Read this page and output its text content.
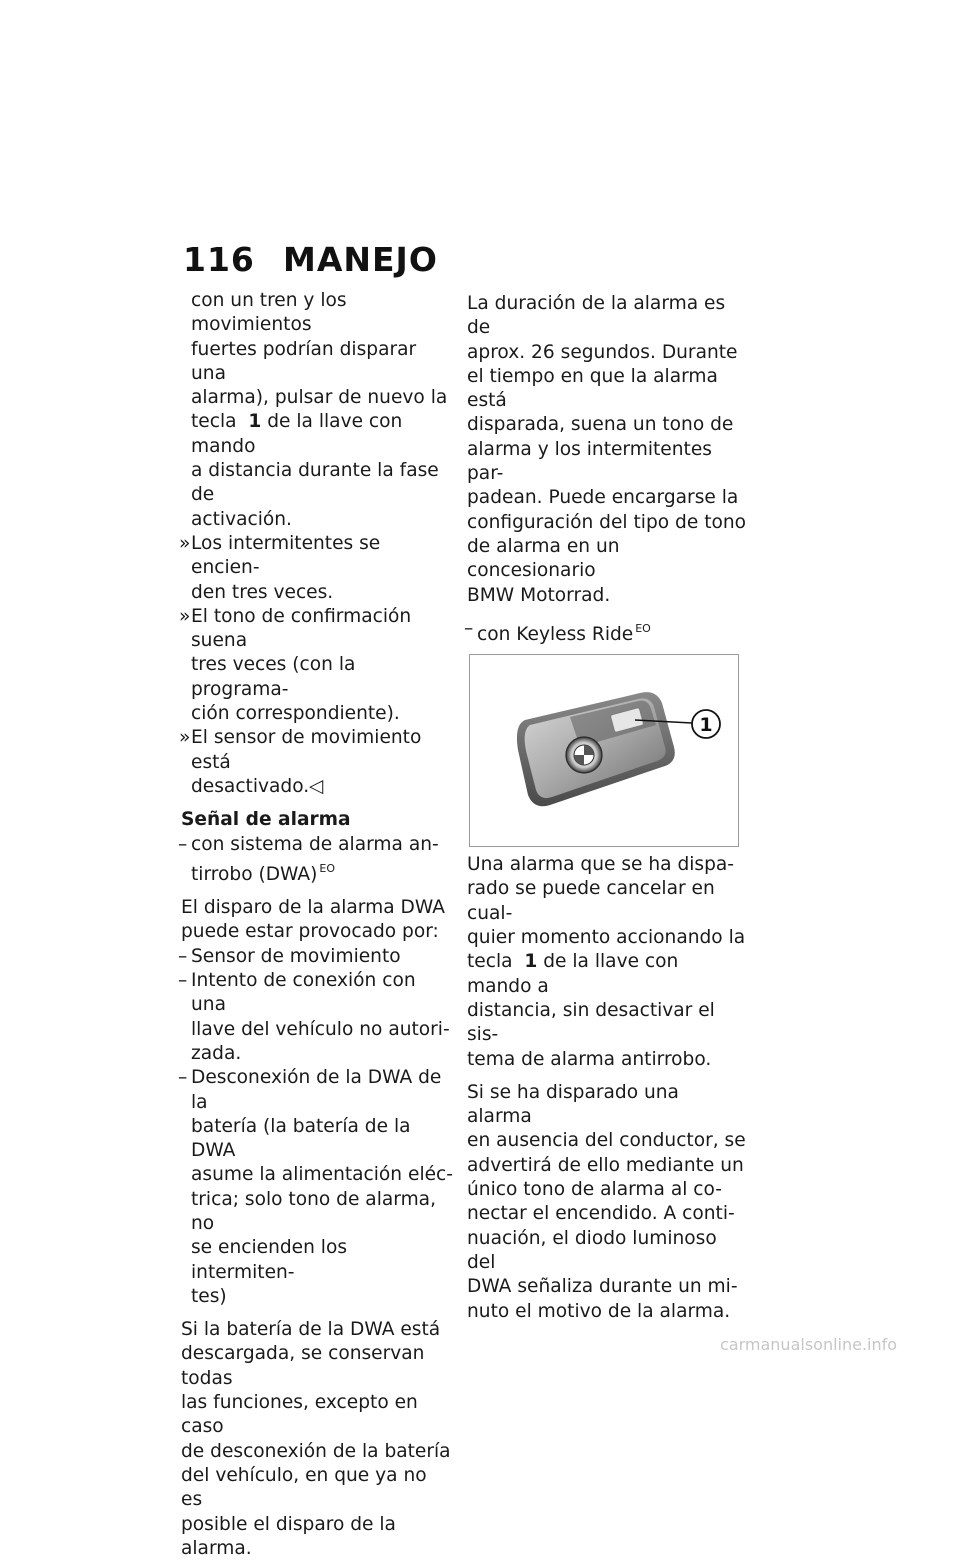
116 MANEJO
con un tren y los movimientos
fuertes podrían disparar una
alarma), pulsar de nuevo la
tecla 1 de la llave con mando
a distancia durante la fase de
activación.
» Los intermitentes se encien-
den tres veces.
» El tono de confirmación suena
tres veces (con la programa-
ción correspondiente).
» El sensor de movimiento está
desactivado.◁
Señal de alarma
– con sistema de alarma an-
tirrobo (DWA) $^{EO}$
El disparo de la alarma DWA
puede estar provocado por:
– Sensor de movimiento
– Intento de conexión con una
llave del vehículo no autori-
zada.
– Desconexión de la DWA de la
batería (la batería de la DWA
asume la alimentación eléc-
trica; solo tono de alarma, no
se encienden los intermiten-
tes)
Si la batería de la DWA está
descargada, se conservan todas
las funciones, excepto en caso
de desconexión de la batería
del vehículo, en que ya no es
posible el disparo de la alarma.
La duración de la alarma es de
aprox. 26 segundos. Durante
el tiempo en que la alarma está
disparada, suena un tono de
alarma y los intermitentes par-
padean. Puede encargarse la
configuración del tipo de tono
de alarma en un concesionario
BMW Motorrad.
– con Keyless Ride $^{EO}$
1
Una alarma que se ha dispa-
rado se puede cancelar en cual-
quier momento accionando la
tecla 1 de la llave con mando a
distancia, sin desactivar el sis-
tema de alarma antirrobo.
Si se ha disparado una alarma
en ausencia del conductor, se
advertirá de ello mediante un
único tono de alarma al co-
nectar el encendido. A conti-
nuación, el diodo luminoso del
DWA señaliza durante un mi-
nuto el motivo de la alarma.
carmanualsonline.info
